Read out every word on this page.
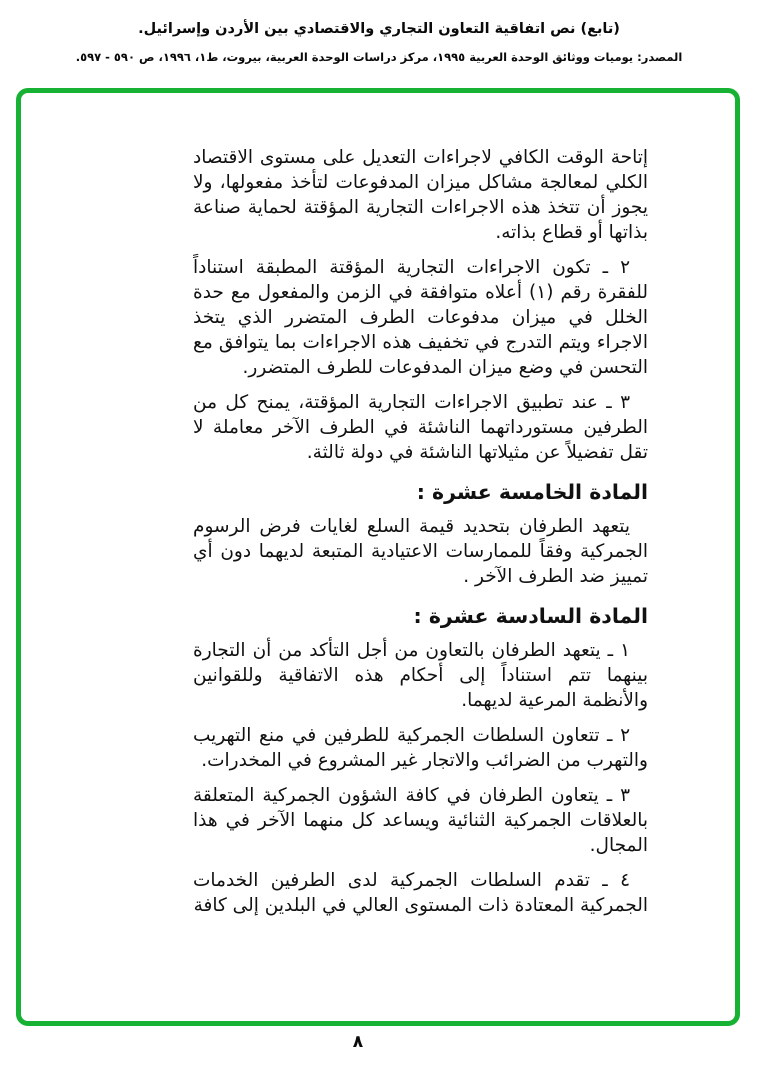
(تابع) نص اتفاقية التعاون التجاري والاقتصادي بين الأردن وإسرائيل.
المصدر: يوميات ووثائق الوحدة العربية ١٩٩٥، مركز دراسات الوحدة العربية، بيروت، ط١، ١٩٩٦، ص ٥٩٠ - ٥٩٧.

إتاحة الوقت الكافي لاجراءات التعديل على مستوى الاقتصاد الكلي لمعالجة مشاكل ميزان المدفوعات لتأخذ مفعولها، ولا يجوز أن تتخذ هذه الاجراءات التجارية المؤقتة لحماية صناعة بذاتها أو قطاع بذاته.

٢ ـ تكون الاجراءات التجارية المؤقتة المطبقة استناداً للفقرة رقم (١) أعلاه متوافقة في الزمن والمفعول مع حدة الخلل في ميزان مدفوعات الطرف المتضرر الذي يتخذ الاجراء ويتم التدرج في تخفيف هذه الاجراءات بما يتوافق مع التحسن في وضع ميزان المدفوعات للطرف المتضرر.

٣ ـ عند تطبيق الاجراءات التجارية المؤقتة، يمنح كل من الطرفين مستورداتهما الناشئة في الطرف الآخر معاملة لا تقل تفضيلاً عن مثيلاتها الناشئة في دولة ثالثة.

المادة الخامسة عشرة :

يتعهد الطرفان بتحديد قيمة السلع لغايات فرض الرسوم الجمركية وفقاً للممارسات الاعتيادية المتبعة لديهما دون أي تمييز ضد الطرف الآخر .

المادة السادسة عشرة :

١ ـ يتعهد الطرفان بالتعاون من أجل التأكد من أن التجارة بينهما تتم استناداً إلى أحكام هذه الاتفاقية وللقوانين والأنظمة المرعية لديهما.

٢ ـ تتعاون السلطات الجمركية للطرفين في منع التهريب والتهرب من الضرائب والاتجار غير المشروع في المخدرات.

٣ ـ يتعاون الطرفان في كافة الشؤون الجمركية المتعلقة بالعلاقات الجمركية الثنائية ويساعد كل منهما الآخر في هذا المجال.

٤ ـ تقدم السلطات الجمركية لدى الطرفين الخدمات الجمركية المعتادة ذات المستوى العالي في البلدين إلى كافة

٨
